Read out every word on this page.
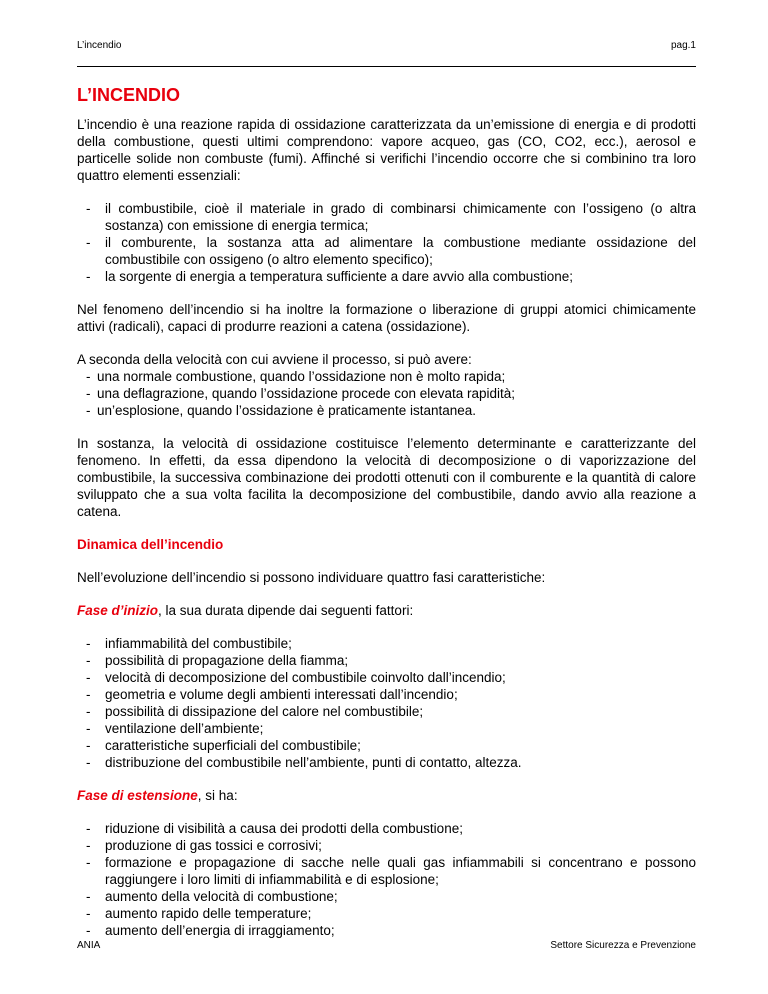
L’incendio	pag.1
L’INCENDIO

L’incendio è una reazione rapida di ossidazione caratterizzata da un’emissione di energia e di prodotti della combustione, questi ultimi comprendono: vapore acqueo, gas (CO, CO2, ecc.), aerosol e particelle solide non combuste (fumi). Affinché si verifichi l’incendio occorre che si combinino tra loro quattro elementi essenziali:

- il combustibile, cioè il materiale in grado di combinarsi chimicamente con l’ossigeno (o altra sostanza) con emissione di energia termica;
- il comburente, la sostanza atta ad alimentare la combustione mediante ossidazione del combustibile con ossigeno (o altro elemento specifico);
- la sorgente di energia a temperatura sufficiente a dare avvio alla combustione;

Nel fenomeno dell’incendio si ha inoltre la formazione o liberazione di gruppi atomici chimicamente attivi (radicali), capaci di produrre reazioni a catena (ossidazione).

A seconda della velocità con cui avviene il processo, si può avere:

- una normale combustione, quando l’ossidazione non è molto rapida;
- una deflagrazione, quando l’ossidazione procede con elevata rapidità;
- un’esplosione, quando l’ossidazione è praticamente istantanea.

In sostanza, la velocità di ossidazione costituisce l’elemento determinante e caratterizzante del fenomeno. In effetti, da essa dipendono la velocità di decomposizione o di vaporizzazione del combustibile, la successiva combinazione dei prodotti ottenuti con il comburente e la quantità di calore sviluppato che a sua volta facilita la decomposizione del combustibile, dando avvio alla reazione a catena.

Dinamica dell’incendio

Nell’evoluzione dell’incendio si possono individuare quattro fasi caratteristiche:

Fase d’inizio, la sua durata dipende dai seguenti fattori:

- infiammabilità del combustibile;
- possibilità di propagazione della fiamma;
- velocità di decomposizione del combustibile coinvolto dall’incendio;
- geometria e volume degli ambienti interessati dall’incendio;
- possibilità di dissipazione del calore nel combustibile;
- ventilazione dell’ambiente;
- caratteristiche superficiali del combustibile;
- distribuzione del combustibile nell’ambiente, punti di contatto, altezza.

Fase di estensione, si ha:

- riduzione di visibilità a causa dei prodotti della combustione;
- produzione di gas tossici e corrosivi;
- formazione e propagazione di sacche nelle quali gas infiammabili si concentrano e possono raggiungere i loro limiti di infiammabilità e di esplosione;
- aumento della velocità di combustione;
- aumento rapido delle temperature;
- aumento dell’energia di irraggiamento;
ANIA	Settore Sicurezza e Prevenzione
